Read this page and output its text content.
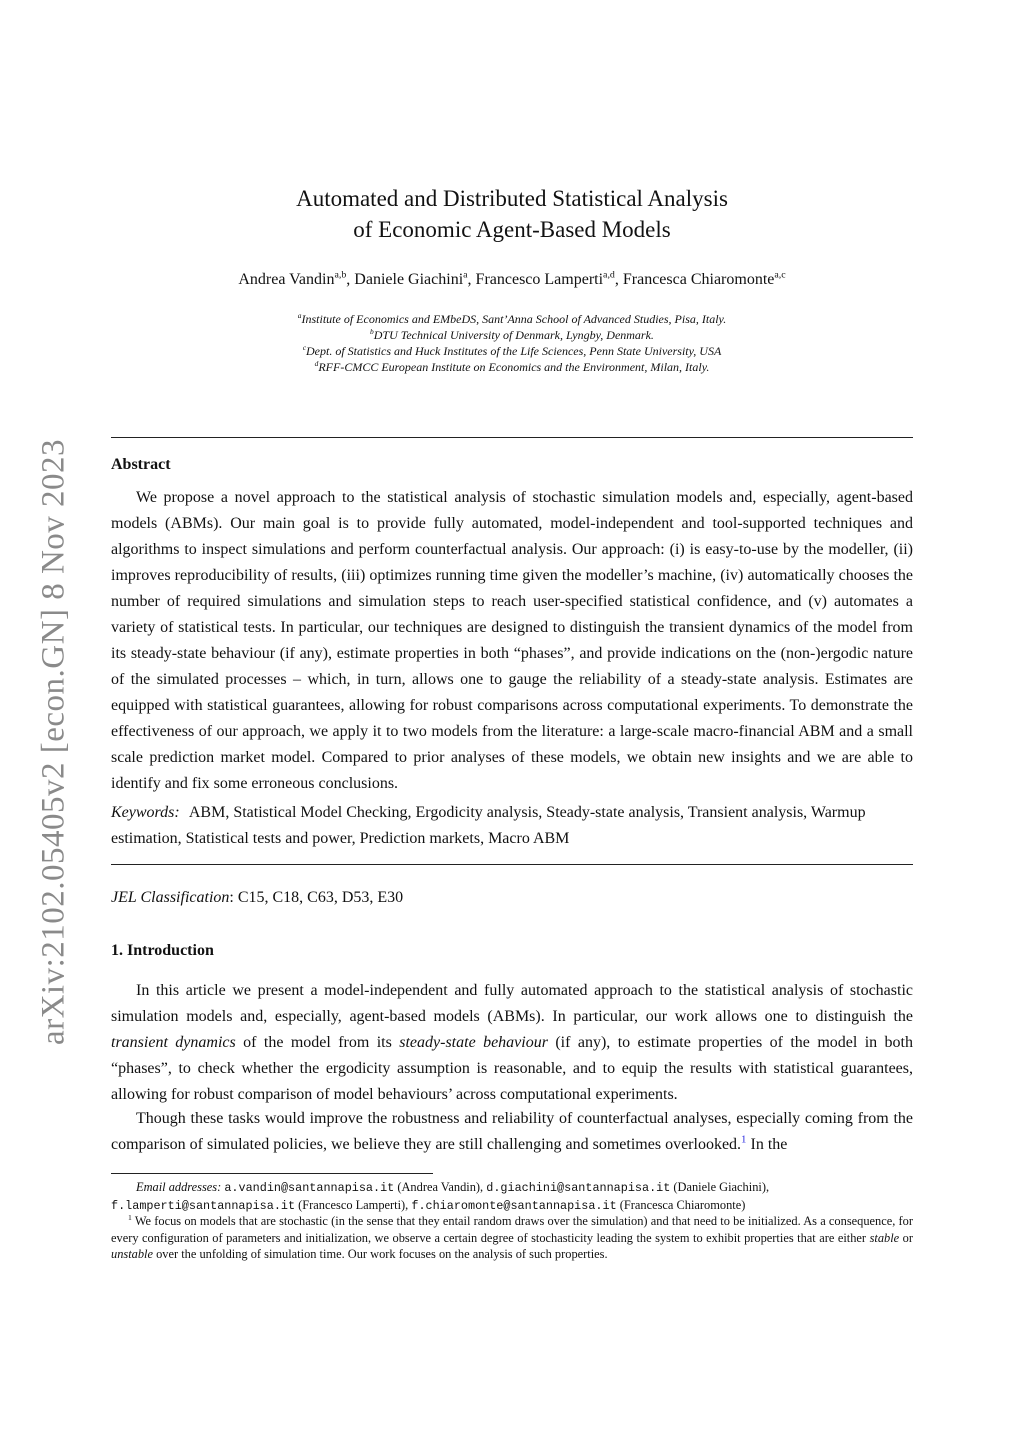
arXiv:2102.05405v2 [econ.GN] 8 Nov 2023
Automated and Distributed Statistical Analysis
of Economic Agent-Based Models
Andrea Vandin$^{a,b}$, Daniele Giachini$^a$, Francesco Lamperti$^{a,d}$, Francesca Chiaromonte$^{a,c}$
$^a$Institute of Economics and EMbeDS, Sant’Anna School of Advanced Studies, Pisa, Italy.
$^b$DTU Technical University of Denmark, Lyngby, Denmark.
$^c$Dept. of Statistics and Huck Institutes of the Life Sciences, Penn State University, USA
$^d$RFF-CMCC European Institute on Economics and the Environment, Milan, Italy.
Abstract

We propose a novel approach to the statistical analysis of stochastic simulation models and, especially, agent-based models (ABMs). Our main goal is to provide fully automated, model-independent and tool-supported techniques and algorithms to inspect simulations and perform counterfactual analysis. Our approach: (i) is easy-to-use by the modeller, (ii) improves reproducibility of results, (iii) optimizes running time given the modeller’s machine, (iv) automatically chooses the number of required simulations and simulation steps to reach user-specified statistical confidence, and (v) automates a variety of statistical tests. In particular, our techniques are designed to distinguish the transient dynamics of the model from its steady-state behaviour (if any), estimate properties in both “phases”, and provide indications on the (non-)ergodic nature of the simulated processes – which, in turn, allows one to gauge the reliability of a steady-state analysis. Estimates are equipped with statistical guarantees, allowing for robust comparisons across computational experiments. To demonstrate the effectiveness of our approach, we apply it to two models from the literature: a large-scale macro-financial ABM and a small scale prediction market model. Compared to prior analyses of these models, we obtain new insights and we are able to identify and fix some erroneous conclusions.

Keywords: ABM, Statistical Model Checking, Ergodicity analysis, Steady-state analysis, Transient analysis, Warmup estimation, Statistical tests and power, Prediction markets, Macro ABM
JEL Classification: C15, C18, C63, D53, E30
1. Introduction

In this article we present a model-independent and fully automated approach to the statistical analysis of stochastic simulation models and, especially, agent-based models (ABMs). In particular, our work allows one to distinguish the transient dynamics of the model from its steady-state behaviour (if any), to estimate properties of the model in both “phases”, to check whether the ergodicity assumption is reasonable, and to equip the results with statistical guarantees, allowing for robust comparison of model behaviours’ across computational experiments.

Though these tasks would improve the robustness and reliability of counterfactual analyses, especially coming from the comparison of simulated policies, we believe they are still challenging and sometimes overlooked.$^1$ In the

Email addresses: a.vandin@santannapisa.it (Andrea Vandin), d.giachini@santannapisa.it (Daniele Giachini),
f.lamperti@santannapisa.it (Francesco Lamperti), f.chiaromonte@santannapisa.it (Francesca Chiaromonte)
$^1$ We focus on models that are stochastic (in the sense that they entail random draws over the simulation) and that need to be initialized. As a consequence, for every configuration of parameters and initialization, we observe a certain degree of stochasticity leading the system to exhibit properties that are either stable or unstable over the unfolding of simulation time. Our work focuses on the analysis of such properties.
